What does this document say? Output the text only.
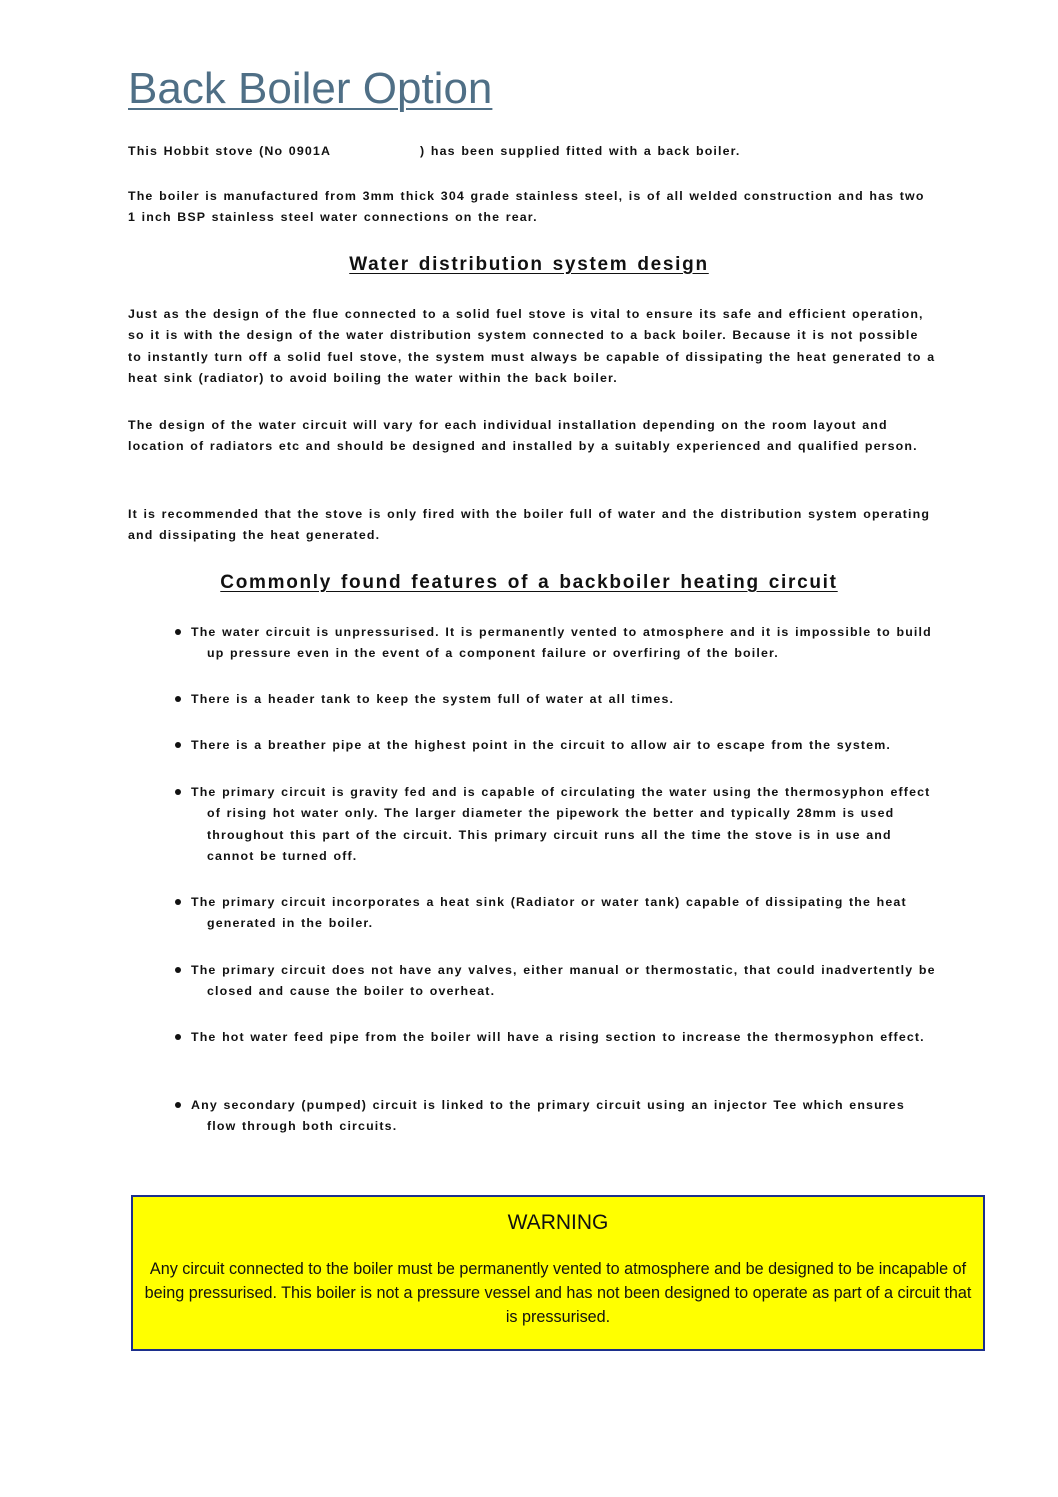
Back Boiler Option

This Hobbit stove (No 0901A                ) has been supplied fitted with a back boiler.

The boiler is manufactured from 3mm thick 304 grade stainless steel, is of all welded construction and has two 1 inch BSP stainless steel water connections on the rear.

Water distribution system design

Just as the design of the flue connected to a solid fuel stove is vital to ensure its safe and efficient operation, so it is with the design of the water distribution system connected to a back boiler. Because it is not possible to instantly turn off a solid fuel stove, the system must always be capable of dissipating the heat generated to a heat sink (radiator) to avoid boiling the water within the back boiler.

The design of the water circuit will vary for each individual installation depending on the room layout and location of radiators etc and should be designed and installed by a suitably experienced and qualified person.

It is recommended that the stove is only fired with the boiler full of water and the distribution system operating and dissipating the heat generated.

Commonly found features of a backboiler heating circuit
The water circuit is unpressurised. It is permanently vented to atmosphere and it is impossible to build up pressure even in the event of a component failure or overfiring of the boiler.
There is a header tank to keep the system full of water at all times.
There is a breather pipe at the highest point in the circuit to allow air to escape from the system.
The primary circuit is gravity fed and is capable of circulating the water using the thermosyphon effect of rising hot water only. The larger diameter the pipework the better and typically 28mm is used throughout this part of the circuit. This primary circuit runs all the time the stove is in use and cannot be turned off.
The primary circuit incorporates a heat sink (Radiator or water tank) capable of dissipating the heat generated in the boiler.
The primary circuit does not have any valves, either manual or thermostatic, that could inadvertently be closed and cause the boiler to overheat.
The hot water feed pipe from the boiler will have a rising section to increase the thermosyphon effect.
Any secondary (pumped) circuit is linked to the primary circuit using an injector Tee which ensures flow through both circuits.
WARNING

Any circuit connected to the boiler must be permanently vented to atmosphere and be designed to be incapable of being pressurised. This boiler is not a pressure vessel and has not been designed to operate as part of a circuit that is pressurised.
